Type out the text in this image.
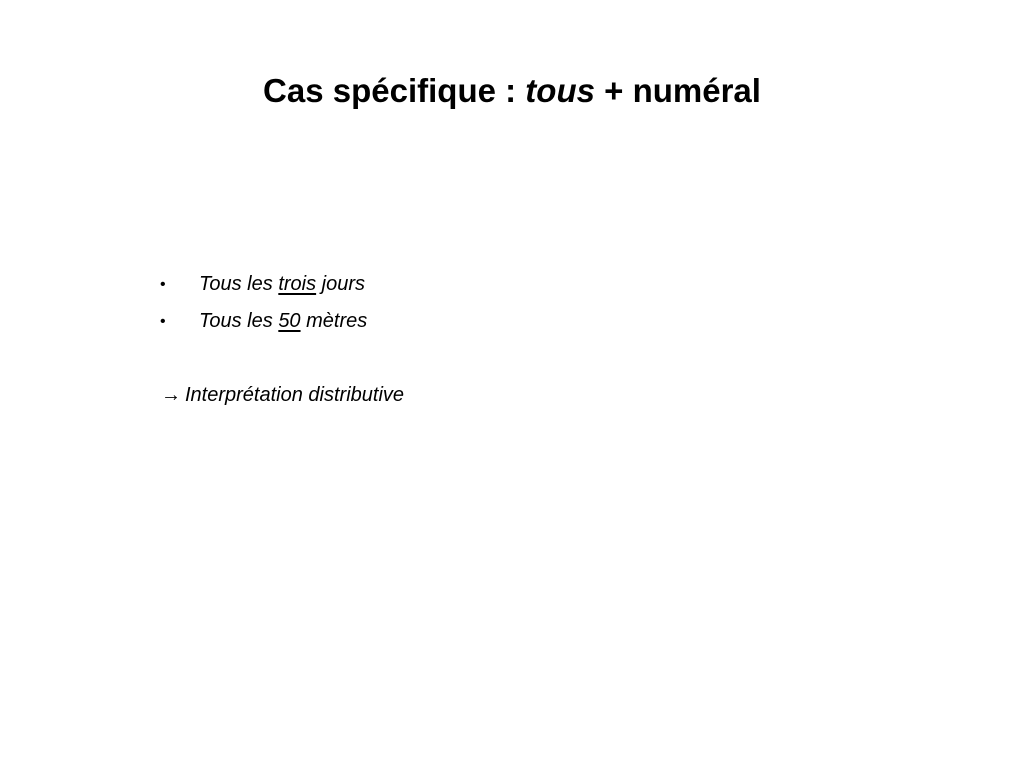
Cas spécifique : tous + numéral
• Tous les trois jours
• Tous les 50 mètres
→ Interprétation distributive
